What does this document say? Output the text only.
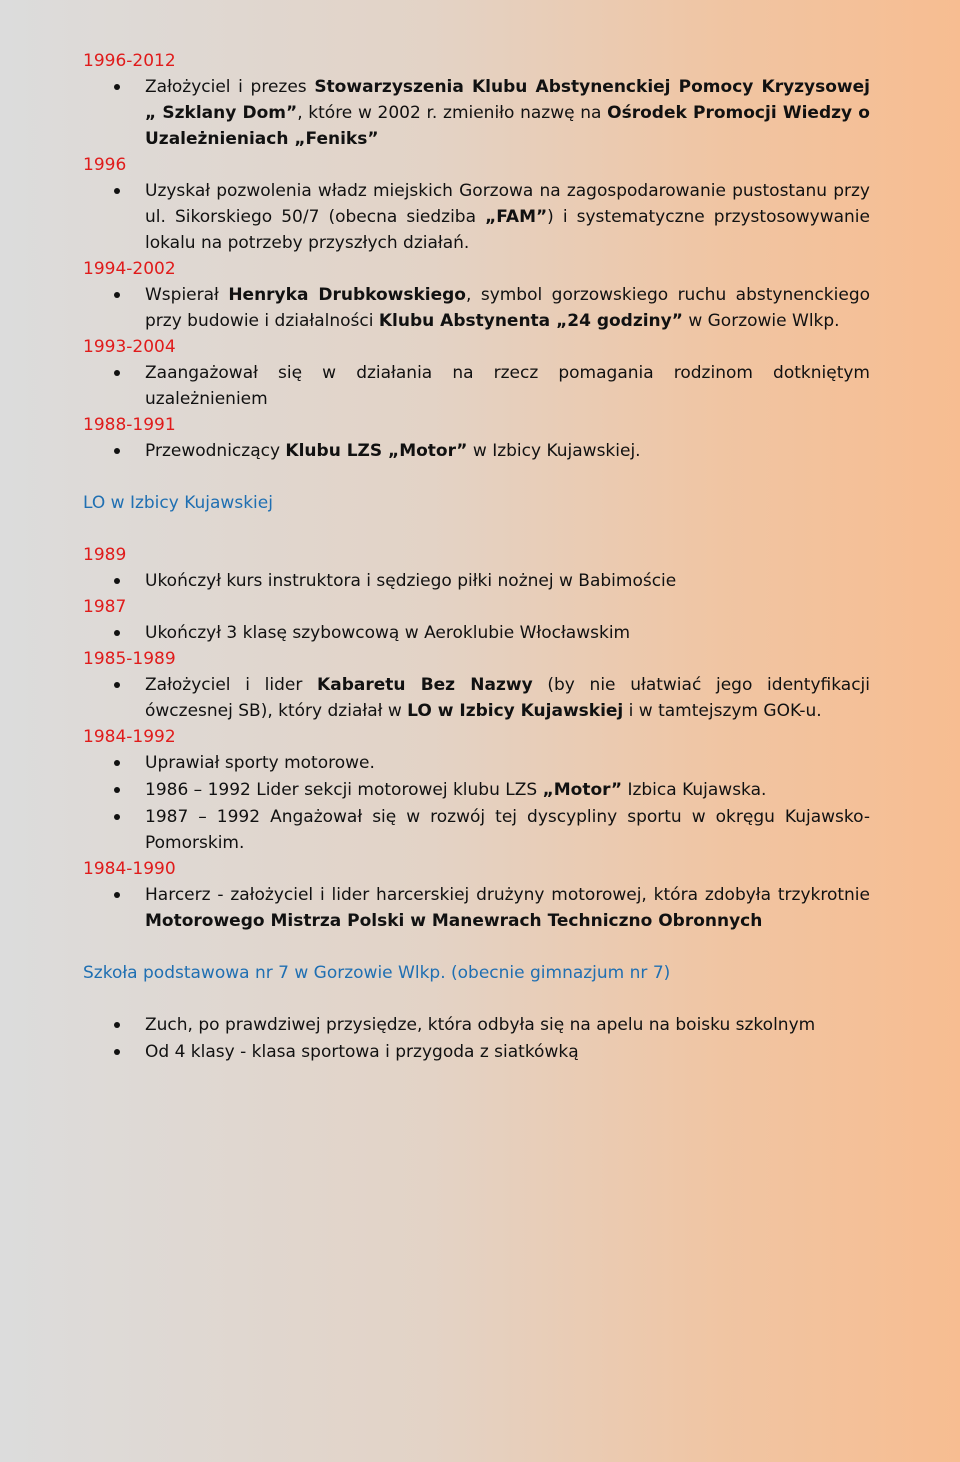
1996-2012
Założyciel i prezes Stowarzyszenia Klubu Abstynenckiej Pomocy Kryzysowej „ Szklany Dom”, które w 2002 r. zmieniło nazwę na Ośrodek Promocji Wiedzy o Uzależnieniach „Feniks”
1996
Uzyskał pozwolenia władz miejskich Gorzowa na zagospodarowanie pustostanu przy ul. Sikorskiego 50/7 (obecna siedziba „FAM”) i systematyczne przystosowywanie lokalu na potrzeby przyszłych działań.
1994-2002
Wspierał Henryka Drubkowskiego, symbol gorzowskiego ruchu abstynenckiego przy budowie i działalności Klubu Abstynenta „24 godziny” w Gorzowie Wlkp.
1993-2004
Zaangażował się w działania na rzecz pomagania rodzinom dotkniętym uzależnieniem
1988-1991
Przewodniczący Klubu LZS „Motor” w Izbicy Kujawskiej.
LO w Izbicy Kujawskiej
1989
Ukończył kurs instruktora i sędziego piłki nożnej w Babimoście
1987
Ukończył 3 klasę szybowcową w Aeroklubie Włocławskim
1985-1989
Założyciel i lider Kabaretu Bez Nazwy (by nie ułatwiać jego identyfikacji ówczesnej SB), który działał w LO w Izbicy Kujawskiej i w tamtejszym GOK-u.
1984-1992
Uprawiał sporty motorowe.
1986 – 1992 Lider sekcji motorowej klubu LZS „Motor” Izbica Kujawska.
1987 – 1992 Angażował się w rozwój tej dyscypliny sportu w okręgu Kujawsko-Pomorskim.
1984-1990
Harcerz - założyciel i lider harcerskiej drużyny motorowej, która zdobyła trzykrotnie Motorowego Mistrza Polski w Manewrach Techniczno Obronnych
Szkoła podstawowa nr 7 w Gorzowie Wlkp. (obecnie gimnazjum nr 7)
Zuch, po prawdziwej przysiędze, która odbyła się na apelu na boisku szkolnym
Od 4 klasy - klasa sportowa i przygoda z siatkówką
